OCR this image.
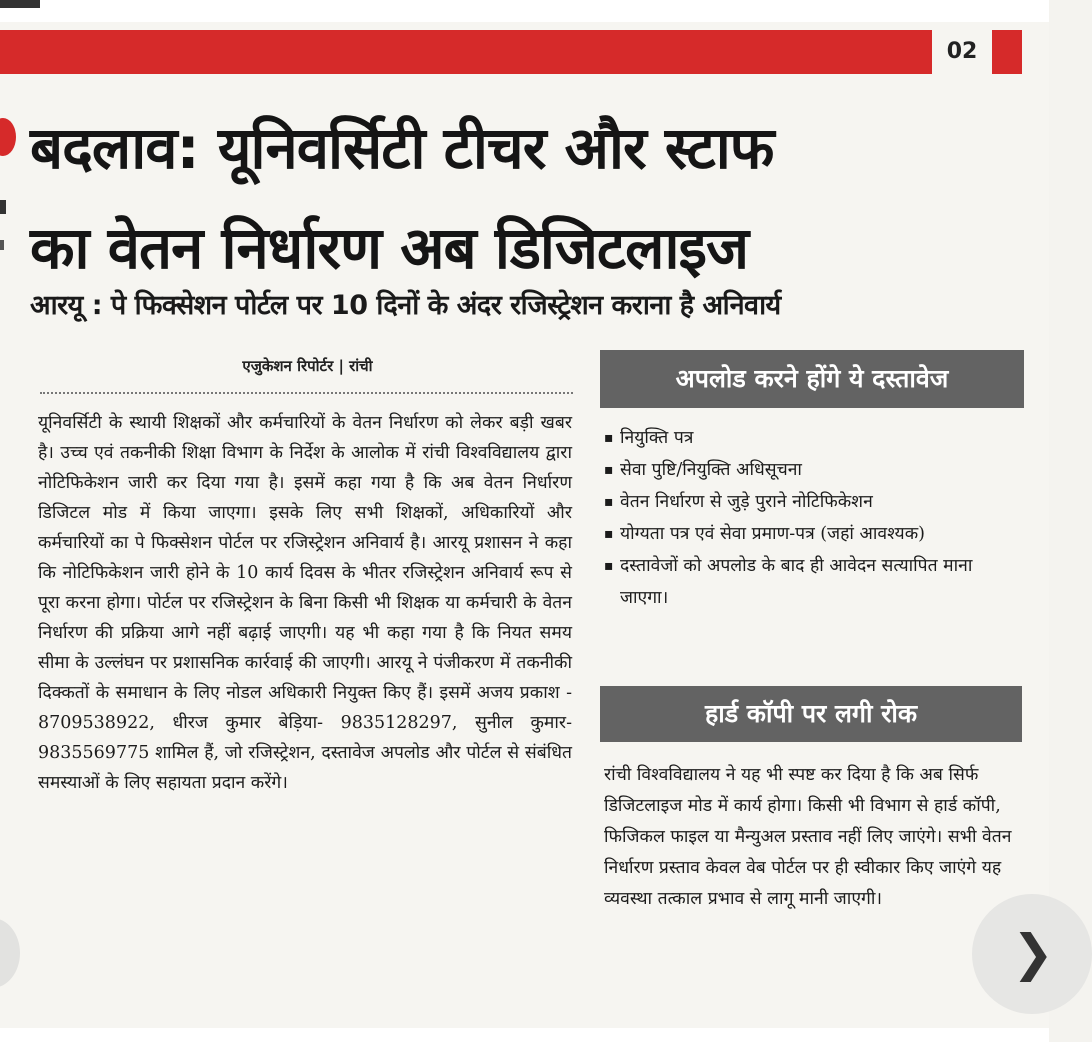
02
बदलाव: यूनिवर्सिटी टीचर और स्टाफ
का वेतन निर्धारण अब डिजिटलाइज
आरयू : पे फिक्सेशन पोर्टल पर 10 दिनों के अंदर रजिस्ट्रेशन कराना है अनिवार्य
एजुकेशन रिपोर्टर | रांची
यूनिवर्सिटी के स्थायी शिक्षकों और कर्मचारियों के वेतन निर्धारण को लेकर बड़ी खबर है। उच्च एवं तकनीकी शिक्षा विभाग के निर्देश के आलोक में रांची विश्वविद्यालय द्वारा नोटिफिकेशन जारी कर दिया गया है। इसमें कहा गया है कि अब वेतन निर्धारण डिजिटल मोड में किया जाएगा। इसके लिए सभी शिक्षकों, अधिकारियों और कर्मचारियों का पे फिक्सेशन पोर्टल पर रजिस्ट्रेशन अनिवार्य है। आरयू प्रशासन ने कहा कि नोटिफिकेशन जारी होने के 10 कार्य दिवस के भीतर रजिस्ट्रेशन अनिवार्य रूप से पूरा करना होगा। पोर्टल पर रजिस्ट्रेशन के बिना किसी भी शिक्षक या कर्मचारी के वेतन निर्धारण की प्रक्रिया आगे नहीं बढ़ाई जाएगी। यह भी कहा गया है कि नियत समय सीमा के उल्लंघन पर प्रशासनिक कार्रवाई की जाएगी। आरयू ने पंजीकरण में तकनीकी दिक्कतों के समाधान के लिए नोडल अधिकारी नियुक्त किए हैं। इसमें अजय प्रकाश - 8709538922, धीरज कुमार बेड़िया- 9835128297, सुनील कुमार- 9835569775 शामिल हैं, जो रजिस्ट्रेशन, दस्तावेज अपलोड और पोर्टल से संबंधित समस्याओं के लिए सहायता प्रदान करेंगे।
अपलोड करने होंगे ये दस्तावेज
▪ नियुक्ति पत्र
▪ सेवा पुष्टि/नियुक्ति अधिसूचना
▪ वेतन निर्धारण से जुड़े पुराने नोटिफिकेशन
▪ योग्यता पत्र एवं सेवा प्रमाण-पत्र (जहां आवश्यक)
▪ दस्तावेजों को अपलोड के बाद ही आवेदन सत्यापित माना जाएगा।
हार्ड कॉपी पर लगी रोक
रांची विश्वविद्यालय ने यह भी स्पष्ट कर दिया है कि अब सिर्फ डिजिटलाइज मोड में कार्य होगा। किसी भी विभाग से हार्ड कॉपी, फिजिकल फाइल या मैन्युअल प्रस्ताव नहीं लिए जाएंगे। सभी वेतन निर्धारण प्रस्ताव केवल वेब पोर्टल पर ही स्वीकार किए जाएंगे यह व्यवस्था तत्काल प्रभाव से लागू मानी जाएगी।
❯
